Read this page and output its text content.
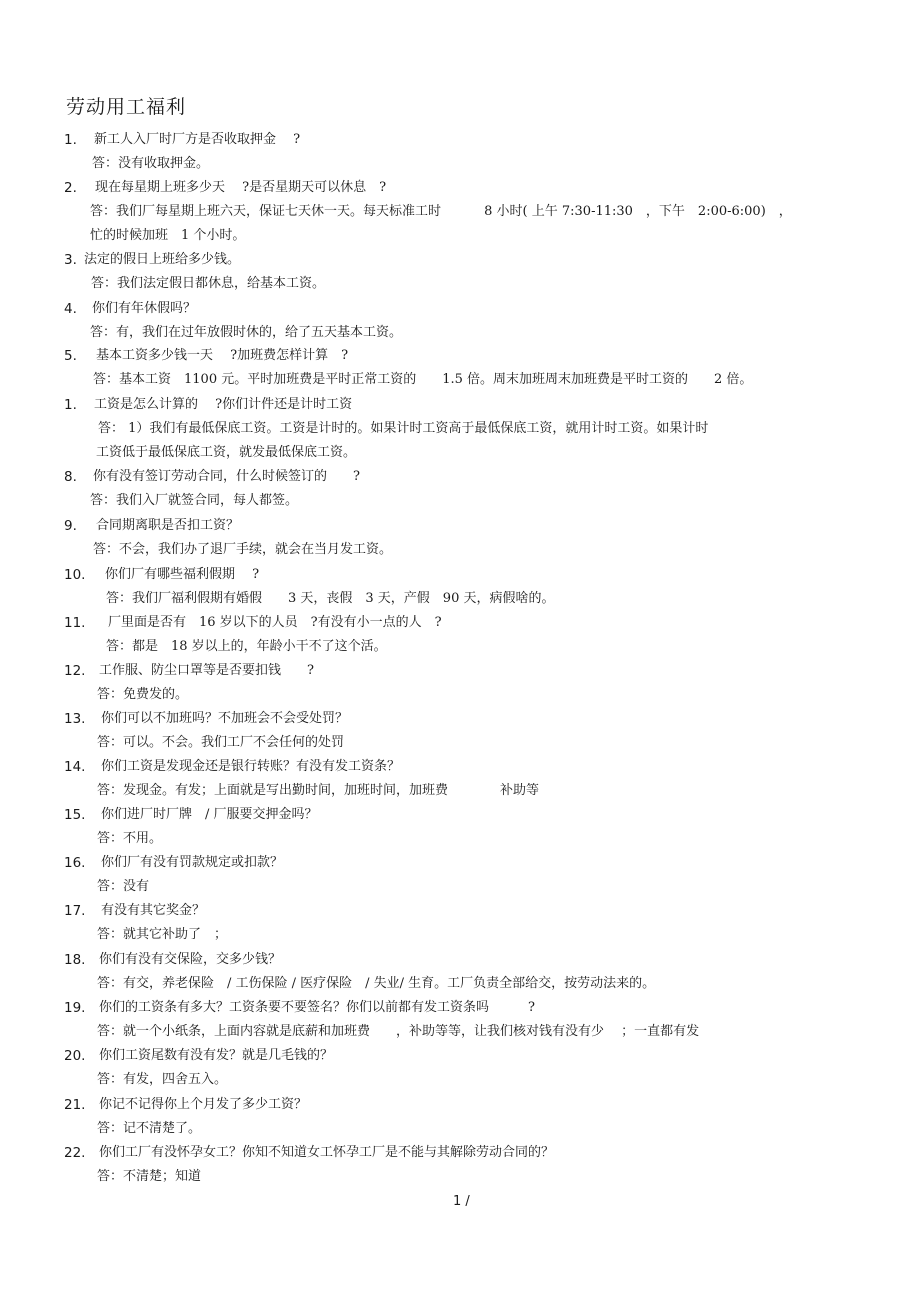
劳动用工福利
1 /
1. 新工人入厂时厂方是否收取押金　 ?
答：没有收取押金。
2. 现在每星期上班多少天　 ?是否星期天可以休息　?
答：我们厂每星期上班六天，保证七天休一天。每天标准工时　　　 8 小时( 上午 7:30-11:30　，下午　2:00-6:00)　，
忙的时候加班　1 个小时。
3. 法定的假日上班给多少钱。
答：我们法定假日都休息，给基本工资。
4. 你们有年休假吗？
答：有，我们在过年放假时休的，给了五天基本工资。
5. 基本工资多少钱一天　 ?加班费怎样计算　?
答：基本工资　1100 元。平时加班费是平时正常工资的　　1.5 倍。周末加班周末加班费是平时工资的　　2 倍。
1. 工资是怎么计算的　 ?你们计件还是计时工资
答： 1）我们有最低保底工资。工资是计时的。如果计时工资高于最低保底工资，就用计时工资。如果计时
工资低于最低保底工资，就发最低保底工资。
8. 你有没有签订劳动合同，什么时候签订的　　?
答：我们入厂就签合同，每人都签。
9. 合同期离职是否扣工资？
答：不会，我们办了退厂手续，就会在当月发工资。
10. 你们厂有哪些福利假期　 ?
答：我们厂福利假期有婚假　　3 天，丧假　3 天，产假　90 天，病假啥的。
11. 厂里面是否有　16 岁以下的人员　?有没有小一点的人　?
答：都是　18 岁以上的，年龄小干不了这个活。
12. 工作服、防尘口罩等是否要扣钱　　?
答：免费发的。
13. 你们可以不加班吗？不加班会不会受处罚？
答：可以。不会。我们工厂不会任何的处罚
14. 你们工资是发现金还是银行转账？有没有发工资条？
答：发现金。有发；上面就是写出勤时间，加班时间，加班费　　　　补助等
15. 你们进厂时厂牌　/ 厂服要交押金吗？
答：不用。
16. 你们厂有没有罚款规定或扣款？
答：没有
17. 有没有其它奖金？
答：就其它补助了　；
18. 你们有没有交保险，交多少钱？
答：有交，养老保险　/ 工伤保险 / 医疗保险　/ 失业/ 生育。工厂负责全部给交，按劳动法来的。
19. 你们的工资条有多大？工资条要不要签名？你们以前都有发工资条吗　　　?
答：就一个小纸条，上面内容就是底薪和加班费　　，补助等等，让我们核对钱有没有少　 ；一直都有发
20. 你们工资尾数有没有发？就是几毛钱的？
答：有发，四舍五入。
21. 你记不记得你上个月发了多少工资？
答：记不清楚了。
22. 你们工厂有没怀孕女工？你知不知道女工怀孕工厂是不能与其解除劳动合同的？
答：不清楚；知道
